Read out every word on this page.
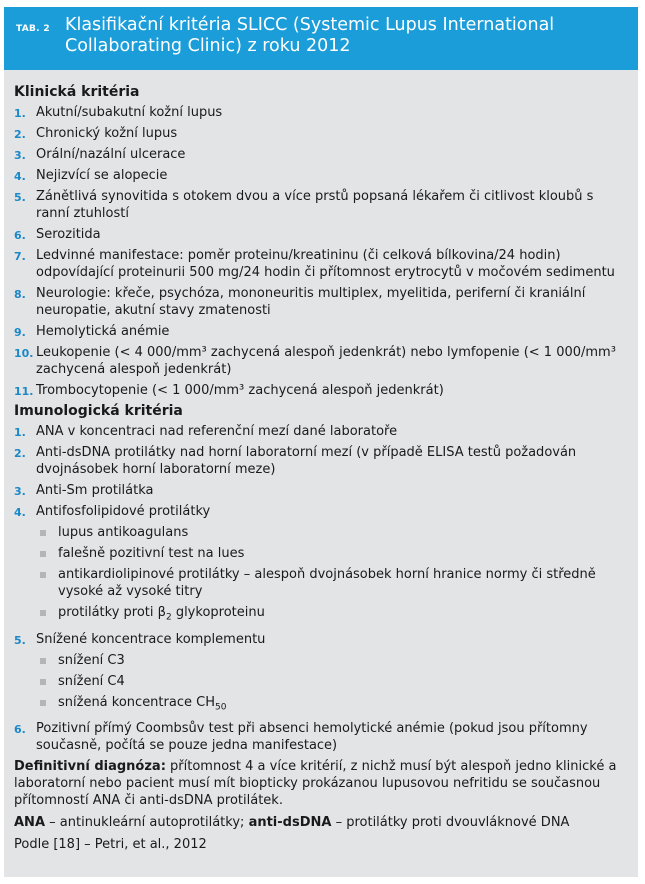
TAB. 2 Klasifikační kritéria SLICC (Systemic Lupus International Collaborating Clinic) z roku 2012
Klinická kritéria
1. Akutní/subakutní kožní lupus
2. Chronický kožní lupus
3. Orální/nazální ulcerace
4. Nejizvící se alopecie
5. Zánětlivá synovitida s otokem dvou a více prstů popsaná lékařem či citlivost kloubů s ranní ztuhlostí
6. Serozitida
7. Ledvinné manifestace: poměr proteinu/kreatininu (či celková bílkovina/24 hodin) odpovídající proteinurii 500 mg/24 hodin či přítomnost erytrocytů v močovém sedimentu
8. Neurologie: křeče, psychóza, mononeuritis multiplex, myelitida, periferní či kraniální neuropatie, akutní stavy zmatenosti
9. Hemolytická anémie
10. Leukopenie (< 4 000/mm³ zachycená alespoň jedenkrát) nebo lymfopenie (< 1 000/mm³ zachycená alespoň jedenkrát)
11. Trombocytopenie (< 1 000/mm³ zachycená alespoň jedenkrát)
Imunologická kritéria
1. ANA v koncentraci nad referenční mezí dané laboratoře
2. Anti-dsDNA protilátky nad horní laboratorní mezí (v případě ELISA testů požadován dvojnásobek horní laboratorní meze)
3. Anti-Sm protilátka
4. Antifosfolipidové protilátky
lupus antikoagulans
falešně pozitivní test na lues
antikardiolipinové protilátky – alespoň dvojnásobek horní hranice normy či středně vysoké až vysoké titry
protilátky proti $\beta_2$ glykoproteinu
5. Snížené koncentrace komplementu
snížení C3
snížení C4
snížená koncentrace $CH_{50}$
6. Pozitivní přímý Coombsův test při absenci hemolytické anémie (pokud jsou přítomny současně, počítá se pouze jedna manifestace)
Definitivní diagnóza: přítomnost 4 a více kritérií, z nichž musí být alespoň jedno klinické a laboratorní nebo pacient musí mít biopticky prokázanou lupusovou nefritidu se současnou přítomností ANA či anti-dsDNA protilátek.
ANA – antinukleární autoprotilátky; anti-dsDNA – protilátky proti dvouvláknové DNA
Podle [18] – Petri, et al., 2012
